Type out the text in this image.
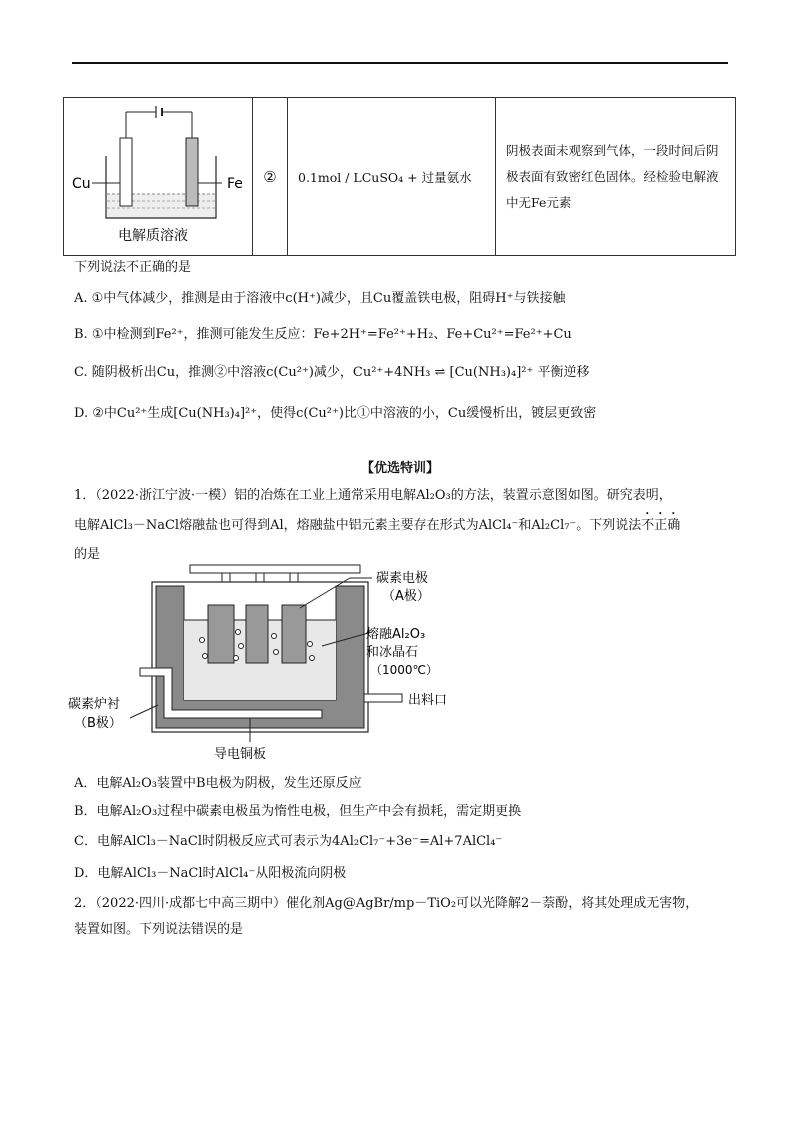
Cu	Fe
电解质溶液
	②	0.1mol / LCuSO₄ + 过量氨水	阴极表面未观察到气体，一段时间后阴极表面有致密红色固体。经检验电解液中无Fe元素
下列说法不正确的是
A. ①中气体减少，推测是由于溶液中c(H⁺)减少，且Cu覆盖铁电极，阻碍H⁺与铁接触
B. ①中检测到Fe²⁺，推测可能发生反应：Fe+2H⁺=Fe²⁺+H₂、Fe+Cu²⁺=Fe²⁺+Cu
C. 随阴极析出Cu，推测②中溶液c(Cu²⁺)减少，Cu²⁺+4NH₃ ⇌ [Cu(NH₃)₄]²⁺ 平衡逆移
D. ②中Cu²⁺生成[Cu(NH₃)₄]²⁺，使得c(Cu²⁺)比①中溶液的小，Cu缓慢析出，镀层更致密
【优选特训】
1．（2022·浙江宁波·一模）铝的冶炼在工业上通常采用电解Al₂O₃的方法，装置示意图如图。研究表明，
电解AlCl₃－NaCl熔融盐也可得到Al，熔融盐中铝元素主要存在形式为AlCl₄⁻和Al₂Cl₇⁻。下列说法不正确
的是
碳素电极
（A极）
熔融Al₂O₃
和冰晶石
（1000℃）
出料口
碳素炉衬
（B极）
导电铜板
A．电解Al₂O₃装置中B电极为阴极，发生还原反应
B．电解Al₂O₃过程中碳素电极虽为惰性电极，但生产中会有损耗，需定期更换
C．电解AlCl₃－NaCl时阴极反应式可表示为4Al₂Cl₇⁻+3e⁻=Al+7AlCl₄⁻
D．电解AlCl₃－NaCl时AlCl₄⁻从阳极流向阴极
2．（2022·四川·成都七中高三期中）催化剂Ag@AgBr/mp－TiO₂可以光降解2－萘酚，将其处理成无害物，
装置如图。下列说法错误的是
